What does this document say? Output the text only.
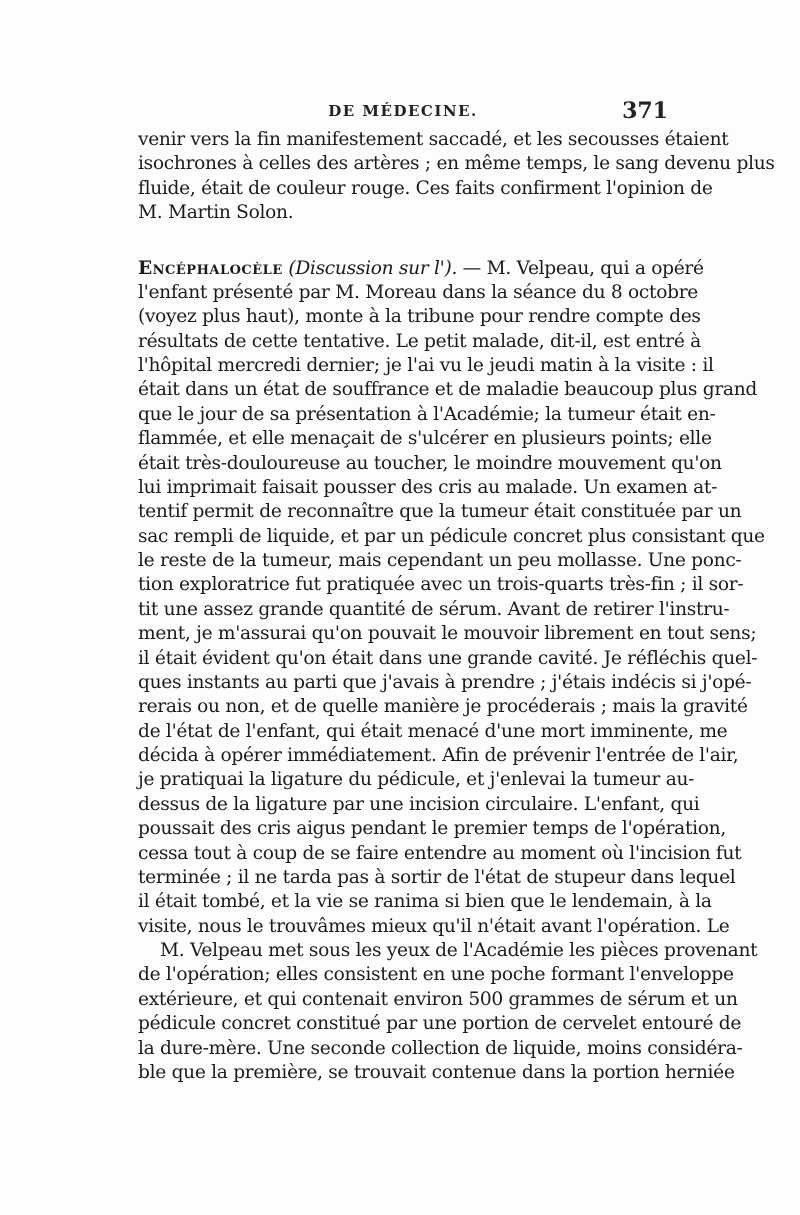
DE MÉDECINE.	371
venir vers la fin manifestement saccadé, et les secousses étaient
isochrones à celles des artères ; en même temps, le sang devenu plus
fluide, était de couleur rouge. Ces faits confirment l'opinion de
M. Martin Solon.
Encéphalocèle (Discussion sur l'). — M. Velpeau, qui a opéré
l'enfant présenté par M. Moreau dans la séance du 8 octobre
(voyez plus haut), monte à la tribune pour rendre compte des
résultats de cette tentative. Le petit malade, dit-il, est entré à
l'hôpital mercredi dernier; je l'ai vu le jeudi matin à la visite : il
était dans un état de souffrance et de maladie beaucoup plus grand
que le jour de sa présentation à l'Académie; la tumeur était en-
flammée, et elle menaçait de s'ulcérer en plusieurs points; elle
était très-douloureuse au toucher, le moindre mouvement qu'on
lui imprimait faisait pousser des cris au malade. Un examen at-
tentif permit de reconnaître que la tumeur était constituée par un
sac rempli de liquide, et par un pédicule concret plus consistant que
le reste de la tumeur, mais cependant un peu mollasse. Une ponc-
tion exploratrice fut pratiquée avec un trois-quarts très-fin ; il sor-
tit une assez grande quantité de sérum. Avant de retirer l'instru-
ment, je m'assurai qu'on pouvait le mouvoir librement en tout sens;
il était évident qu'on était dans une grande cavité. Je réfléchis quel-
ques instants au parti que j'avais à prendre ; j'étais indécis si j'opé-
rerais ou non, et de quelle manière je procéderais ; mais la gravité
de l'état de l'enfant, qui était menacé d'une mort imminente, me
décida à opérer immédiatement. Afin de prévenir l'entrée de l'air,
je pratiquai la ligature du pédicule, et j'enlevai la tumeur au-
dessus de la ligature par une incision circulaire. L'enfant, qui
poussait des cris aigus pendant le premier temps de l'opération,
cessa tout à coup de se faire entendre au moment où l'incision fut
terminée ; il ne tarda pas à sortir de l'état de stupeur dans lequel
il était tombé, et la vie se ranima si bien que le lendemain, à la
visite, nous le trouvâmes mieux qu'il n'était avant l'opération. Le
M. Velpeau met sous les yeux de l'Académie les pièces provenant
de l'opération; elles consistent en une poche formant l'enveloppe
extérieure, et qui contenait environ 500 grammes de sérum et un
pédicule concret constitué par une portion de cervelet entouré de
la dure-mère. Une seconde collection de liquide, moins considéra-
ble que la première, se trouvait contenue dans la portion herniée
